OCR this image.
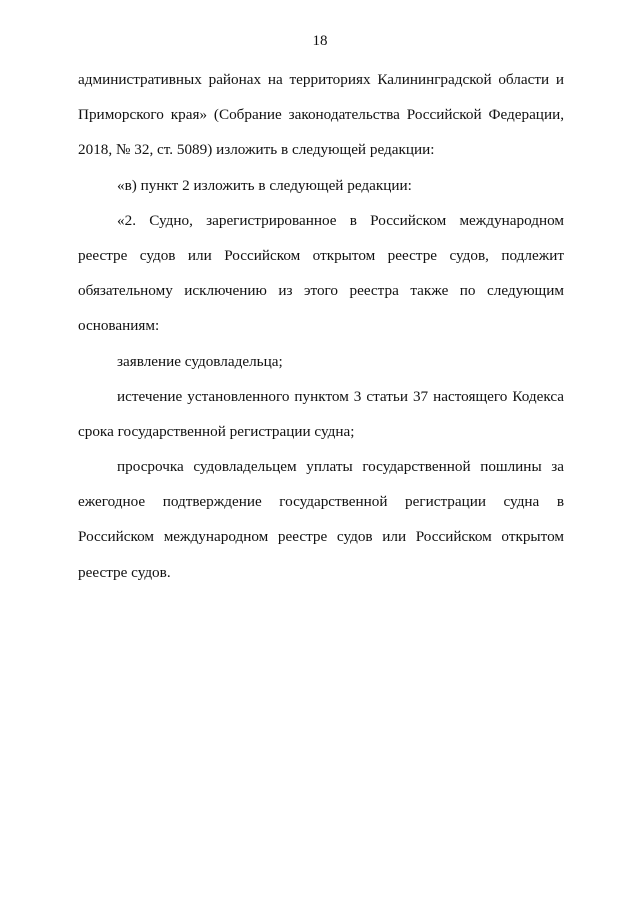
18
административных районах на территориях Калининградской области и
Приморского края» (Собрание законодательства Российской Федерации,
2018, № 32, ст. 5089) изложить в следующей редакции:
«в) пункт 2 изложить в следующей редакции:
«2. Судно, зарегистрированное в Российском международном
реестре судов или Российском открытом реестре судов, подлежит
обязательному исключению из этого реестра также по следующим
основаниям:
заявление судовладельца;
истечение установленного пунктом 3 статьи 37 настоящего Кодекса
срока государственной регистрации судна;
просрочка судовладельцем уплаты государственной пошлины за
ежегодное подтверждение государственной регистрации судна в
Российском международном реестре судов или Российском открытом
реестре судов.
